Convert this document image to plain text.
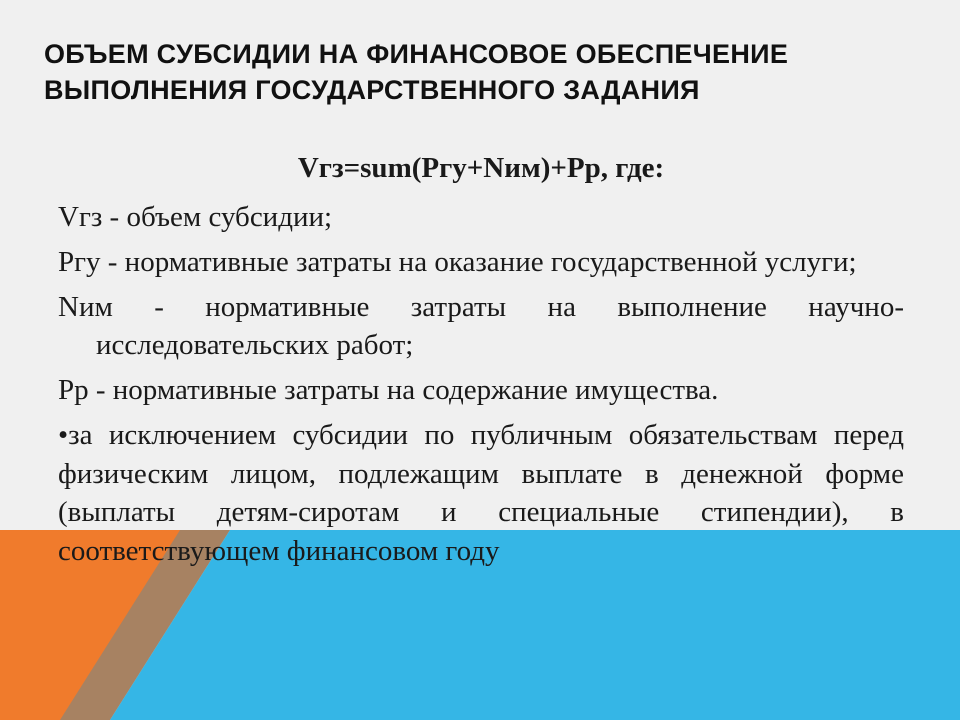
ОБЪЕМ СУБСИДИИ НА ФИНАНСОВОЕ ОБЕСПЕЧЕНИЕ ВЫПОЛНЕНИЯ ГОСУДАРСТВЕННОГО ЗАДАНИЯ

Vгз=sum(Pгу+Nим)+Pр, где:

Vгз - объем субсидии;

Pгу - нормативные затраты на оказание государственной услуги;

Nим - нормативные затраты на выполнение научно-исследовательских работ;

Pр - нормативные затраты на содержание имущества.

•за исключением субсидии по публичным обязательствам перед физическим лицом, подлежащим выплате в денежной форме (выплаты детям-сиротам и специальные стипендии), в соответствующем финансовом году
